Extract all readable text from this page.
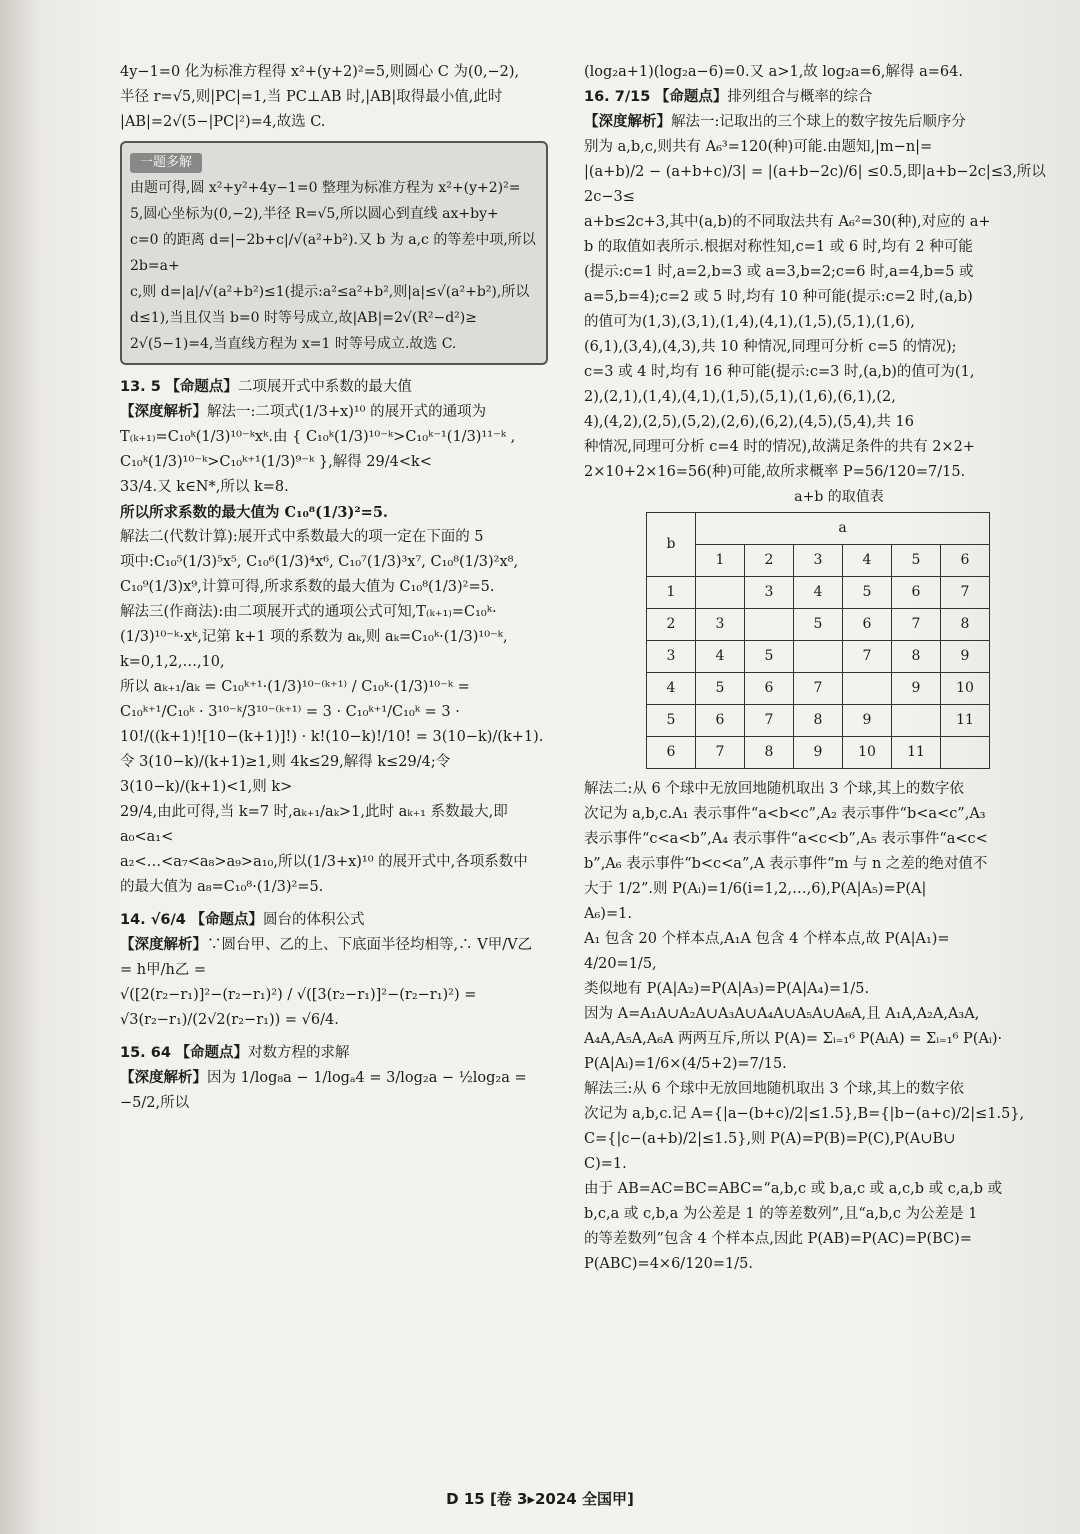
4y−1=0 化为标准方程得 x²+(y+2)²=5,则圆心 C 为(0,−2),

半径 r=√5,则|PC|=1,当 PC⊥AB 时,|AB|取得最小值,此时

|AB|=2√(5−|PC|²)=4,故选 C.

一题多解

由题可得,圆 x²+y²+4y−1=0 整理为标准方程为 x²+(y+2)²=

5,圆心坐标为(0,−2),半径 R=√5,所以圆心到直线 ax+by+

c=0 的距离 d=|−2b+c|/√(a²+b²).又 b 为 a,c 的等差中项,所以 2b=a+

c,则 d=|a|/√(a²+b²)≤1(提示:a²≤a²+b²,则|a|≤√(a²+b²),所以

d≤1),当且仅当 b=0 时等号成立,故|AB|=2√(R²−d²)≥

2√(5−1)=4,当直线方程为 x=1 时等号成立.故选 C.

13. 5 【命题点】二项展开式中系数的最大值

【深度解析】解法一:二项式(1/3+x)¹⁰ 的展开式的通项为

T₍ₖ₊₁₎=C₁₀ᵏ(1/3)¹⁰⁻ᵏxᵏ.由 { C₁₀ᵏ(1/3)¹⁰⁻ᵏ>C₁₀ᵏ⁻¹(1/3)¹¹⁻ᵏ , C₁₀ᵏ(1/3)¹⁰⁻ᵏ>C₁₀ᵏ⁺¹(1/3)⁹⁻ᵏ },解得 29/4<k<

33/4.又 k∈N*,所以 k=8.

所以所求系数的最大值为 C₁₀⁸(1/3)²=5.

解法二(代数计算):展开式中系数最大的项一定在下面的 5

项中:C₁₀⁵(1/3)⁵x⁵, C₁₀⁶(1/3)⁴x⁶, C₁₀⁷(1/3)³x⁷, C₁₀⁸(1/3)²x⁸,

C₁₀⁹(1/3)x⁹,计算可得,所求系数的最大值为 C₁₀⁸(1/3)²=5.

解法三(作商法):由二项展开式的通项公式可知,T₍ₖ₊₁₎=C₁₀ᵏ·

(1/3)¹⁰⁻ᵏ·xᵏ,记第 k+1 项的系数为 aₖ,则 aₖ=C₁₀ᵏ·(1/3)¹⁰⁻ᵏ,

k=0,1,2,…,10,

所以 aₖ₊₁/aₖ = C₁₀ᵏ⁺¹·(1/3)¹⁰⁻⁽ᵏ⁺¹⁾ / C₁₀ᵏ·(1/3)¹⁰⁻ᵏ = C₁₀ᵏ⁺¹/C₁₀ᵏ · 3¹⁰⁻ᵏ/3¹⁰⁻⁽ᵏ⁺¹⁾ = 3 · C₁₀ᵏ⁺¹/C₁₀ᵏ = 3 ·

10!/((k+1)![10−(k+1)]!) · k!(10−k)!/10! = 3(10−k)/(k+1).

令 3(10−k)/(k+1)≥1,则 4k≤29,解得 k≤29/4;令 3(10−k)/(k+1)<1,则 k>

29/4,由此可得,当 k=7 时,aₖ₊₁/aₖ>1,此时 aₖ₊₁ 系数最大,即 a₀<a₁<

a₂<…<a₇<a₈>a₉>a₁₀,所以(1/3+x)¹⁰ 的展开式中,各项系数中

的最大值为 a₈=C₁₀⁸·(1/3)²=5.

14. √6/4 【命题点】圆台的体积公式

【深度解析】∵圆台甲、乙的上、下底面半径均相等,∴ V甲/V乙 = h甲/h乙 =

√([2(r₂−r₁)]²−(r₂−r₁)²) / √([3(r₂−r₁)]²−(r₂−r₁)²) = √3(r₂−r₁)/(2√2(r₂−r₁)) = √6/4.

15. 64 【命题点】对数方程的求解

【深度解析】因为 1/log₈a − 1/logₐ4 = 3/log₂a − ½log₂a = −5/2,所以

(log₂a+1)(log₂a−6)=0.又 a>1,故 log₂a=6,解得 a=64.

16. 7/15 【命题点】排列组合与概率的综合

【深度解析】解法一:记取出的三个球上的数字按先后顺序分

别为 a,b,c,则共有 A₆³=120(种)可能.由题知,|m−n|=

|(a+b)/2 − (a+b+c)/3| = |(a+b−2c)/6| ≤0.5,即|a+b−2c|≤3,所以 2c−3≤

a+b≤2c+3,其中(a,b)的不同取法共有 A₆²=30(种),对应的 a+

b 的取值如表所示.根据对称性知,c=1 或 6 时,均有 2 种可能

(提示:c=1 时,a=2,b=3 或 a=3,b=2;c=6 时,a=4,b=5 或

a=5,b=4);c=2 或 5 时,均有 10 种可能(提示:c=2 时,(a,b)

的值可为(1,3),(3,1),(1,4),(4,1),(1,5),(5,1),(1,6),

(6,1),(3,4),(4,3),共 10 种情况,同理可分析 c=5 的情况);

c=3 或 4 时,均有 16 种可能(提示:c=3 时,(a,b)的值可为(1,

2),(2,1),(1,4),(4,1),(1,5),(5,1),(1,6),(6,1),(2,

4),(4,2),(2,5),(5,2),(2,6),(6,2),(4,5),(5,4),共 16

种情况,同理可分析 c=4 时的情况),故满足条件的共有 2×2+

2×10+2×16=56(种)可能,故所求概率 P=56/120=7/15.

a+b 的取值表
b	a					
	1	2	3	4	5	6
1		3	4	5	6	7
2	3		5	6	7	8
3	4	5		7	8	9
4	5	6	7		9	10
5	6	7	8	9		11
6	7	8	9	10	11	

解法二:从 6 个球中无放回地随机取出 3 个球,其上的数字依

次记为 a,b,c.A₁ 表示事件“a<b<c”,A₂ 表示事件“b<a<c”,A₃

表示事件“c<a<b”,A₄ 表示事件“a<c<b”,A₅ 表示事件“a<c<

b”,A₆ 表示事件“b<c<a”,A 表示事件“m 与 n 之差的绝对值不

大于 1/2”.则 P(Aᵢ)=1/6(i=1,2,…,6),P(A|A₅)=P(A|

A₆)=1.

A₁ 包含 20 个样本点,A₁A 包含 4 个样本点,故 P(A|A₁)=

4/20=1/5,

类似地有 P(A|A₂)=P(A|A₃)=P(A|A₄)=1/5.

因为 A=A₁A∪A₂A∪A₃A∪A₄A∪A₅A∪A₆A,且 A₁A,A₂A,A₃A,

A₄A,A₅A,A₆A 两两互斥,所以 P(A)= Σᵢ₌₁⁶ P(AᵢA) = Σᵢ₌₁⁶ P(Aᵢ)·

P(A|Aᵢ)=1/6×(4/5+2)=7/15.

解法三:从 6 个球中无放回地随机取出 3 个球,其上的数字依

次记为 a,b,c.记 A={|a−(b+c)/2|≤1.5},B={|b−(a+c)/2|≤1.5},

C={|c−(a+b)/2|≤1.5},则 P(A)=P(B)=P(C),P(A∪B∪

C)=1.

由于 AB=AC=BC=ABC=“a,b,c 或 b,a,c 或 a,c,b 或 c,a,b 或

b,c,a 或 c,b,a 为公差是 1 的等差数列”,且“a,b,c 为公差是 1

的等差数列”包含 4 个样本点,因此 P(AB)=P(AC)=P(BC)=

P(ABC)=4×6/120=1/5.

D 15 [卷 3▸2024 全国甲]
